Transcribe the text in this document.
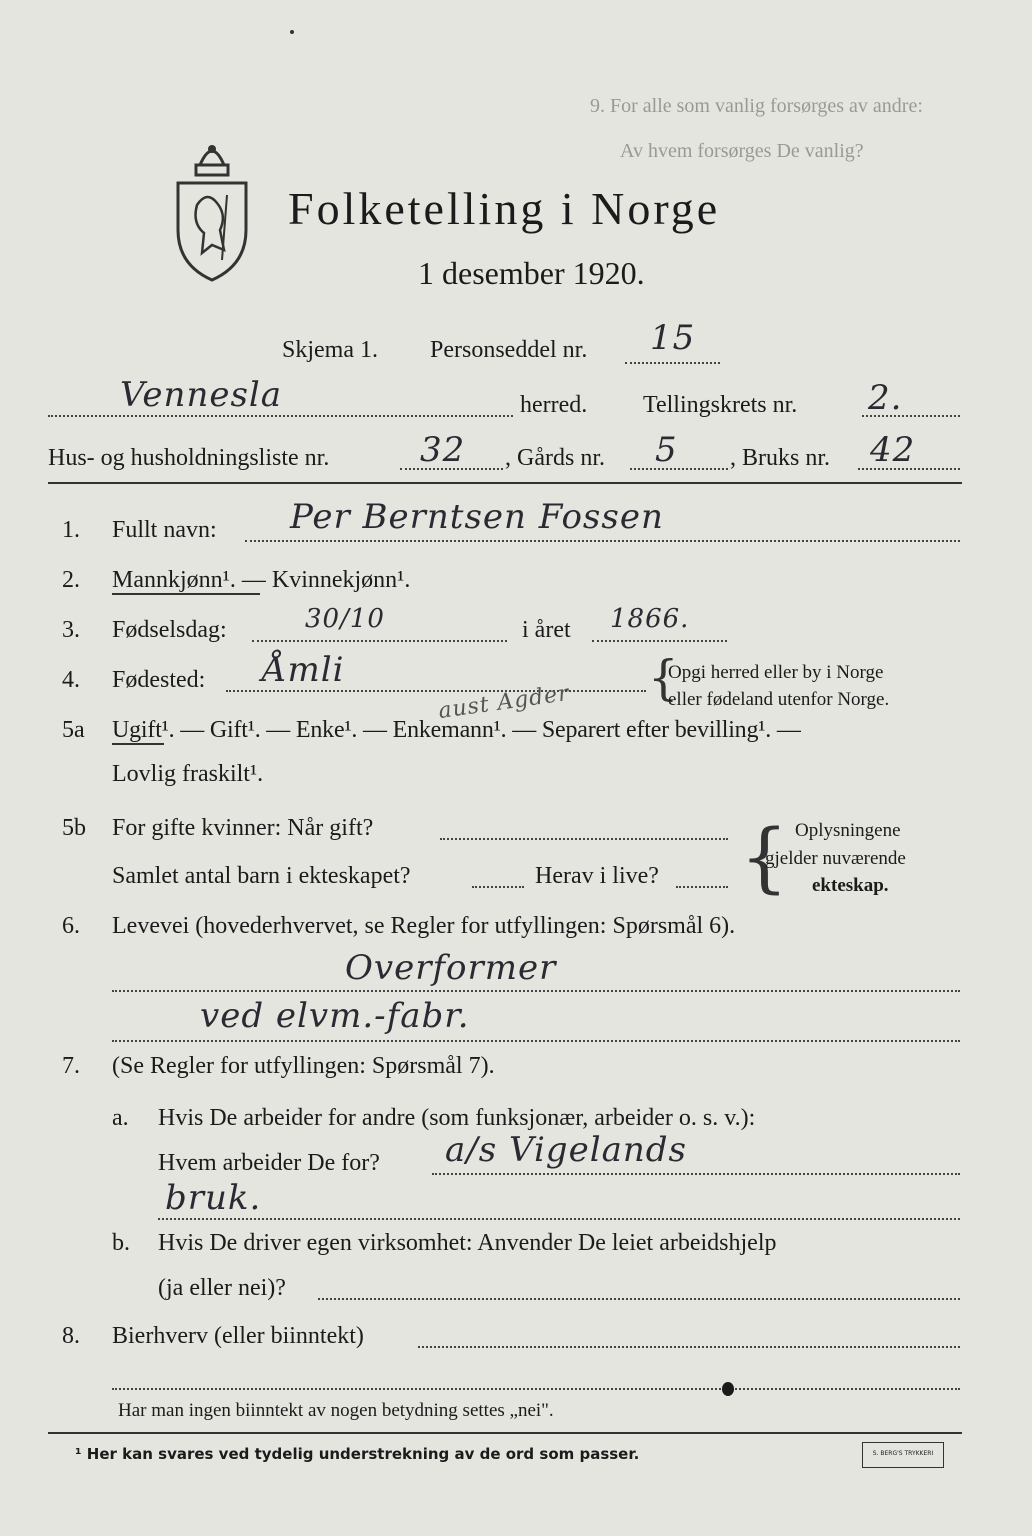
9. For alle som vanlig forsørges av andre:
Av hvem forsørges De vanlig?
Folketelling i Norge
1 desember 1920.
Skjema 1. Personseddel nr. 15
Vennesla	herred. Tellingskrets nr. 2.
Hus- og husholdningsliste nr.	32 , Gårds nr. 5 , Bruks nr. 42
1. Fullt navn: Per Berntsen Fossen
2. Mannkjønn¹. — Kvinnekjønn¹.
3. Fødselsdag:	30/10	i året 1866.
4. Fødested: Åmli	{
Opgi herred eller by i Norge
eller fødeland utenfor Norge.
5a Ugift¹. — Gift¹. — Enke¹. — Enkemann¹. — Separert efter bevilling¹. —
aust Agder
Lovlig fraskilt¹.
5b For gifte kvinner: Når gift?
Samlet antal barn i ekteskapet?	Herav i live? { Oplysningene
gjelder nuværende
ekteskap.
6. Levevei (hovederhvervet, se Regler for utfyllingen: Spørsmål 6).
Overformer
ved elvm.-fabr.
7. (Se Regler for utfyllingen: Spørsmål 7).
a. Hvis De arbeider for andre (som funksjonær, arbeider o. s. v.):
Hvem arbeider De for? a/s Vigelands
bruk.
b. Hvis De driver egen virksomhet: Anvender De leiet arbeidshjelp
(ja eller nei)?
8. Bierhverv (eller biinntekt)
Har man ingen biinntekt av nogen betydning settes „nei".
¹ Her kan svares ved tydelig understrekning av de ord som passer.	S. BERG'S TRYKKERI
